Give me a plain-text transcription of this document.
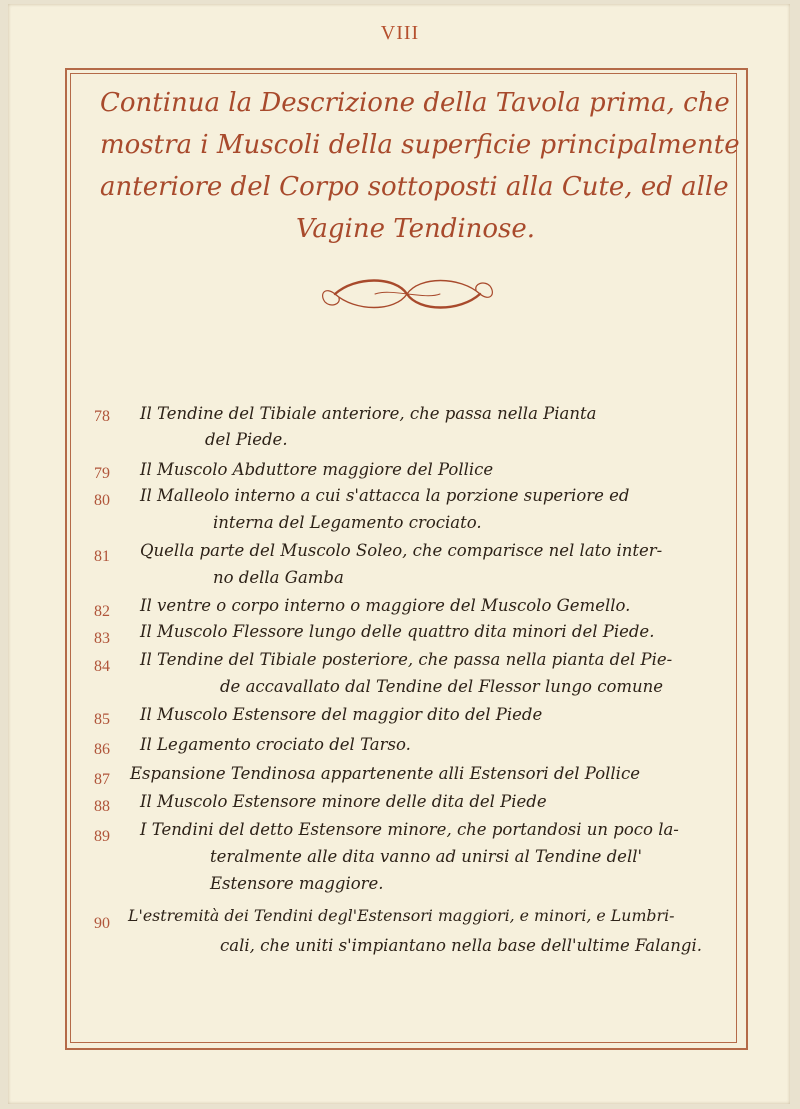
VIII
Continua la Descrizione della Tavola prima, che
mostra i Muscoli della superficie principalmente
anteriore del Corpo sottoposti alla Cute, ed alle
Vagine Tendinose.
78	Il Tendine del Tibiale anteriore, che passa nella Pianta
del Piede.
79	Il Muscolo Abduttore maggiore del Pollice
80	Il Malleolo interno a cui s'attacca la porzione superiore ed
interna del Legamento crociato.
81	Quella parte del Muscolo Soleo, che comparisce nel lato inter-
no della Gamba
82	Il ventre o corpo interno o maggiore del Muscolo Gemello.
83	Il Muscolo Flessore lungo delle quattro dita minori del Piede.
84	Il Tendine del Tibiale posteriore, che passa nella pianta del Pie-
de accavallato dal Tendine del Flessor lungo comune
85	Il Muscolo Estensore del maggior dito del Piede
86	Il Legamento crociato del Tarso.
87	Espansione Tendinosa appartenente alli Estensori del Pollice
88	Il Muscolo Estensore minore delle dita del Piede
89	I Tendini del detto Estensore minore, che portandosi un poco la-
teralmente alle dita vanno ad unirsi al Tendine dell'
Estensore maggiore.
90	L'estremità dei Tendini degl'Estensori maggiori, e minori, e Lumbri-
cali, che uniti s'impiantano nella base dell'ultime Falangi.
